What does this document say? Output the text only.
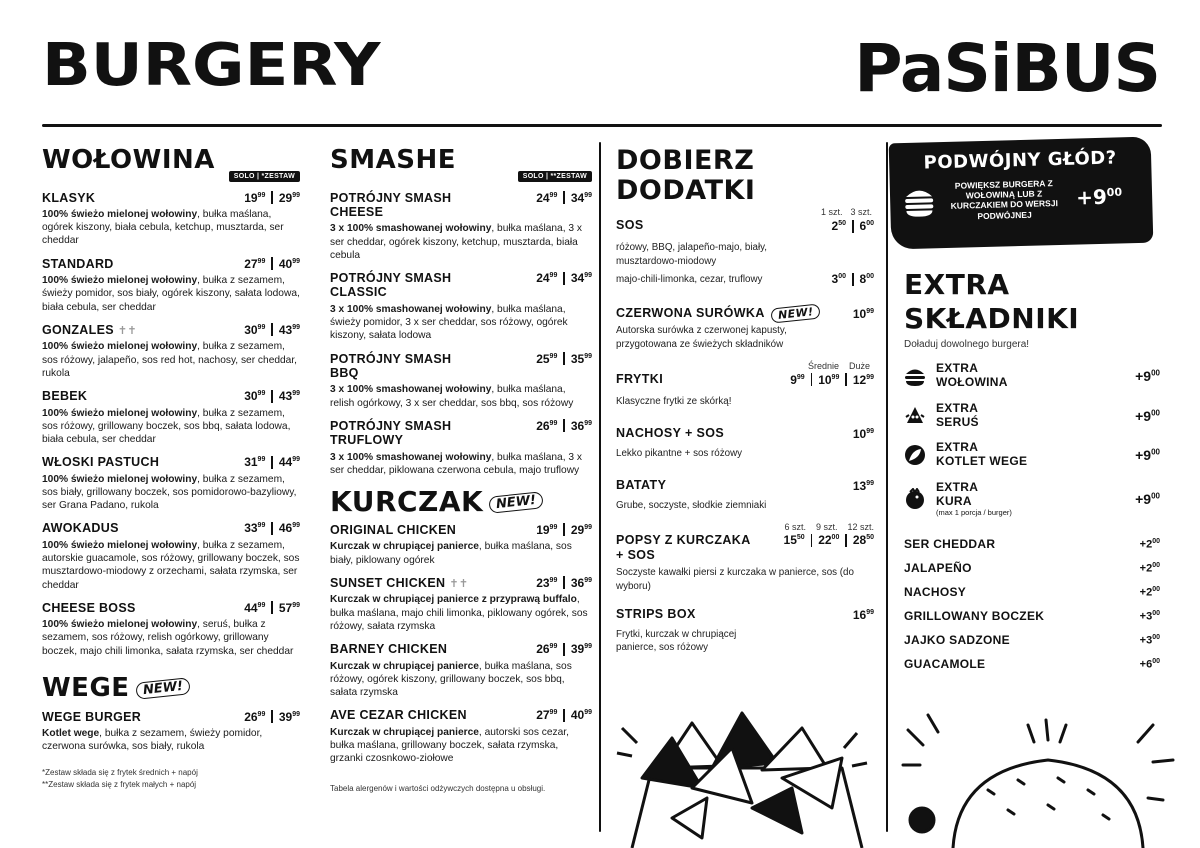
BURGERY	PaSiBUS
WOŁOWINA
SOLO | *ZESTAW
KLASYK	$19^{99}$ $29^{99}$
100% świeżo mielonej wołowiny, bułka maślana, ogórek kiszony, biała cebula, ketchup, musztarda, ser cheddar
STANDARD	$27^{99}$ $40^{99}$
100% świeżo mielonej wołowiny, bułka z sezamem, świeży pomidor, sos biały, ogórek kiszony, sałata lodowa, biała cebula, ser cheddar
GONZALES ✝✝	$30^{99}$ $43^{99}$
100% świeżo mielonej wołowiny, bułka z sezamem, sos różowy, jalapeño, sos red hot, nachosy, ser cheddar, rukola
BEBEK	$30^{99}$ $43^{99}$
100% świeżo mielonej wołowiny, bułka z sezamem, sos różowy, grillowany boczek, sos bbq, sałata lodowa, biała cebula, ser cheddar
WŁOSKI PASTUCH	$31^{99}$ $44^{99}$
100% świeżo mielonej wołowiny, bułka z sezamem, sos biały, grillowany boczek, sos pomidorowo-bazyliowy, ser Grana Padano, rukola
AWOKADUS	$33^{99}$ $46^{99}$
100% świeżo mielonej wołowiny, bułka z sezamem, autorskie guacamole, sos różowy, grillowany boczek, sos musztardowo-miodowy z orzechami, sałata rzymska, ser cheddar
CHEESE BOSS	$44^{99}$ $57^{99}$
100% świeżo mielonej wołowiny, seruś, bułka z sezamem, sos różowy, relish ogórkowy, grillowany boczek, majo chili limonka, sałata rzymska, ser cheddar
WEGE NEW!
WEGE BURGER	$26^{99}$ $39^{99}$
Kotlet wege, bułka z sezamem, świeży pomidor, czerwona surówka, sos biały, rukola
*Zestaw składa się z frytek średnich + napój
**Zestaw składa się z frytek małych + napój
SMASHE
SOLO | **ZESTAW
POTRÓJNY SMASH CHEESE
$24^{99}$ $34^{99}$
3 x 100% smashowanej wołowiny, bułka maślana, 3 x ser cheddar, ogórek kiszony, ketchup, musztarda, biała cebula
POTRÓJNY SMASH CLASSIC
$24^{99}$ $34^{99}$
3 x 100% smashowanej wołowiny, bułka maślana, świeży pomidor, 3 x ser cheddar, sos różowy, ogórek kiszony, sałata lodowa
POTRÓJNY SMASH BBQ
$25^{99}$ $35^{99}$
3 x 100% smashowanej wołowiny, bułka maślana, relish ogórkowy, 3 x ser cheddar, sos bbq, sos różowy
POTRÓJNY SMASH TRUFLOWY
$26^{99}$ $36^{99}$
3 x 100% smashowanej wołowiny, bułka maślana, 3 x ser cheddar, piklowana czerwona cebula, majo truflowy
KURCZAK NEW!
ORIGINAL CHICKEN	$19^{99}$ $29^{99}$
Kurczak w chrupiącej panierce, bułka maślana, sos biały, piklowany ogórek
SUNSET CHICKEN ✝✝	$23^{99}$ $36^{99}$
Kurczak w chrupiącej panierce z przyprawą buffalo, bułka maślana, majo chili limonka, piklowany ogórek, sos różowy, sałata rzymska
BARNEY CHICKEN	$26^{99}$ $39^{99}$
Kurczak w chrupiącej panierce, bułka maślana, sos różowy, ogórek kiszony, grillowany boczek, sos bbq, sałata rzymska
AVE CEZAR CHICKEN	$27^{99}$ $40^{99}$
Kurczak w chrupiącej panierce, autorski sos cezar, bułka maślana, grillowany boczek, sałata rzymska, grzanki czosnkowo-ziołowe
Tabela alergenów i wartości odżywczych dostępna u obsługi.
DOBIERZ
DODATKI
1 szt. 3 szt.
SOS	$2^{50}$ $6^{00}$
różowy, BBQ, jalapeño-majo, biały, musztardowo-miodowy
majo-chili-limonka, cezar, truflowy	$3^{00}$ $8^{00}$
CZERWONA SURÓWKA NEW!	$10^{99}$
Autorska surówka z czerwonej kapusty, przygotowana ze świeżych składników
Średnie Duże
FRYTKI	$9^{99}$ $10^{99}$ $12^{99}$
Klasyczne frytki ze skórką!
NACHOSY + SOS	$10^{99}$
Lekko pikantne + sos różowy
BATATY	$13^{99}$
Grube, soczyste, słodkie ziemniaki
6 szt. 9 szt. 12 szt.
POPSY Z KURCZAKA
+ SOS
$15^{50}$ $22^{00}$ $28^{50}$
Soczyste kawałki piersi z kurczaka w panierce, sos (do wyboru)
STRIPS BOX	$16^{99}$
Frytki, kurczak w chrupiącej panierce, sos różowy
PODWÓJNY GŁÓD?
POWIĘKSZ BURGERA Z WOŁOWINĄ LUB Z KURCZAKIEM DO WERSJI PODWÓJNEJ
$+9^{00}$
EXTRA
SKŁADNIKI
Doładuj dowolnego burgera!
EXTRA
WOŁOWINA	$+9^{00}$
EXTRA
SERUŚ	$+9^{00}$
EXTRA
KOTLET WEGE	$+9^{00}$
EXTRA
KURA
(max 1 porcja / burger)
$+9^{00}$
SER CHEDDAR	$+2^{00}$
JALAPEÑO	$+2^{00}$
NACHOSY	$+2^{00}$
GRILLOWANY BOCZEK	$+3^{00}$
JAJKO SADZONE	$+3^{00}$
GUACAMOLE	$+6^{00}$
